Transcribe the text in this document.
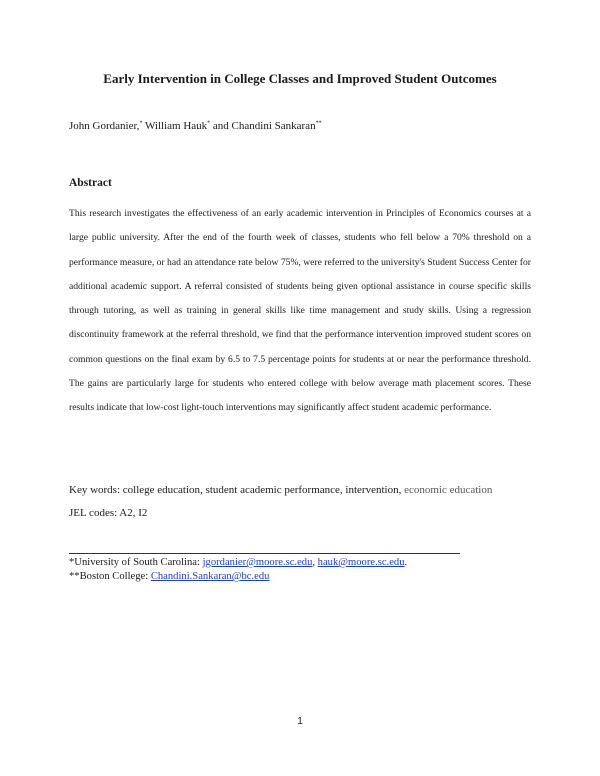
Early Intervention in College Classes and Improved Student Outcomes
John Gordanier,* William Hauk* and Chandini Sankaran**
Abstract
This research investigates the effectiveness of an early academic intervention in Principles of Economics courses at a large public university. After the end of the fourth week of classes, students who fell below a 70% threshold on a performance measure, or had an attendance rate below 75%, were referred to the university's Student Success Center for additional academic support. A referral consisted of students being given optional assistance in course specific skills through tutoring, as well as training in general skills like time management and study skills. Using a regression discontinuity framework at the referral threshold, we find that the performance intervention improved student scores on common questions on the final exam by 6.5 to 7.5 percentage points for students at or near the performance threshold. The gains are particularly large for students who entered college with below average math placement scores. These results indicate that low-cost light-touch interventions may significantly affect student academic performance.
Key words: college education, student academic performance, intervention, economic education
JEL codes: A2, I2
*University of South Carolina: jgordanier@moore.sc.edu, hauk@moore.sc.edu.
**Boston College: Chandini.Sankaran@bc.edu
1
